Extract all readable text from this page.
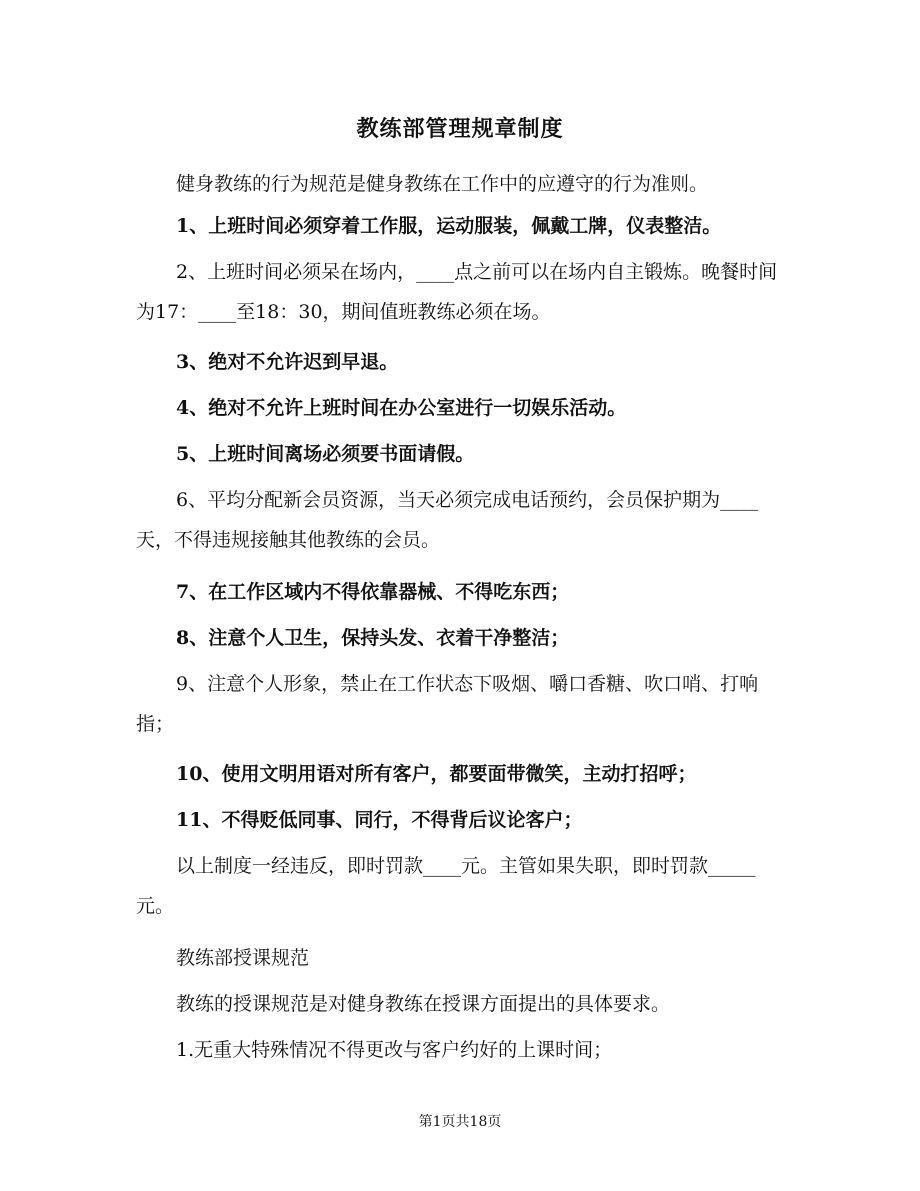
教练部管理规章制度
健身教练的行为规范是健身教练在工作中的应遵守的行为准则。
1、上班时间必须穿着工作服，运动服装，佩戴工牌，仪表整洁。
2、上班时间必须呆在场内，____点之前可以在场内自主锻炼。晚餐时间为17：____至18：30，期间值班教练必须在场。
3、绝对不允许迟到早退。
4、绝对不允许上班时间在办公室进行一切娱乐活动。
5、上班时间离场必须要书面请假。
6、平均分配新会员资源，当天必须完成电话预约，会员保护期为____天，不得违规接触其他教练的会员。
7、在工作区域内不得依靠器械、不得吃东西；
8、注意个人卫生，保持头发、衣着干净整洁；
9、注意个人形象，禁止在工作状态下吸烟、嚼口香糖、吹口哨、打响指；
10、使用文明用语对所有客户，都要面带微笑，主动打招呼；
11、不得贬低同事、同行，不得背后议论客户；
以上制度一经违反，即时罚款____元。主管如果失职，即时罚款_____元。
教练部授课规范
教练的授课规范是对健身教练在授课方面提出的具体要求。
1.无重大特殊情况不得更改与客户约好的上课时间；
第1页共18页
